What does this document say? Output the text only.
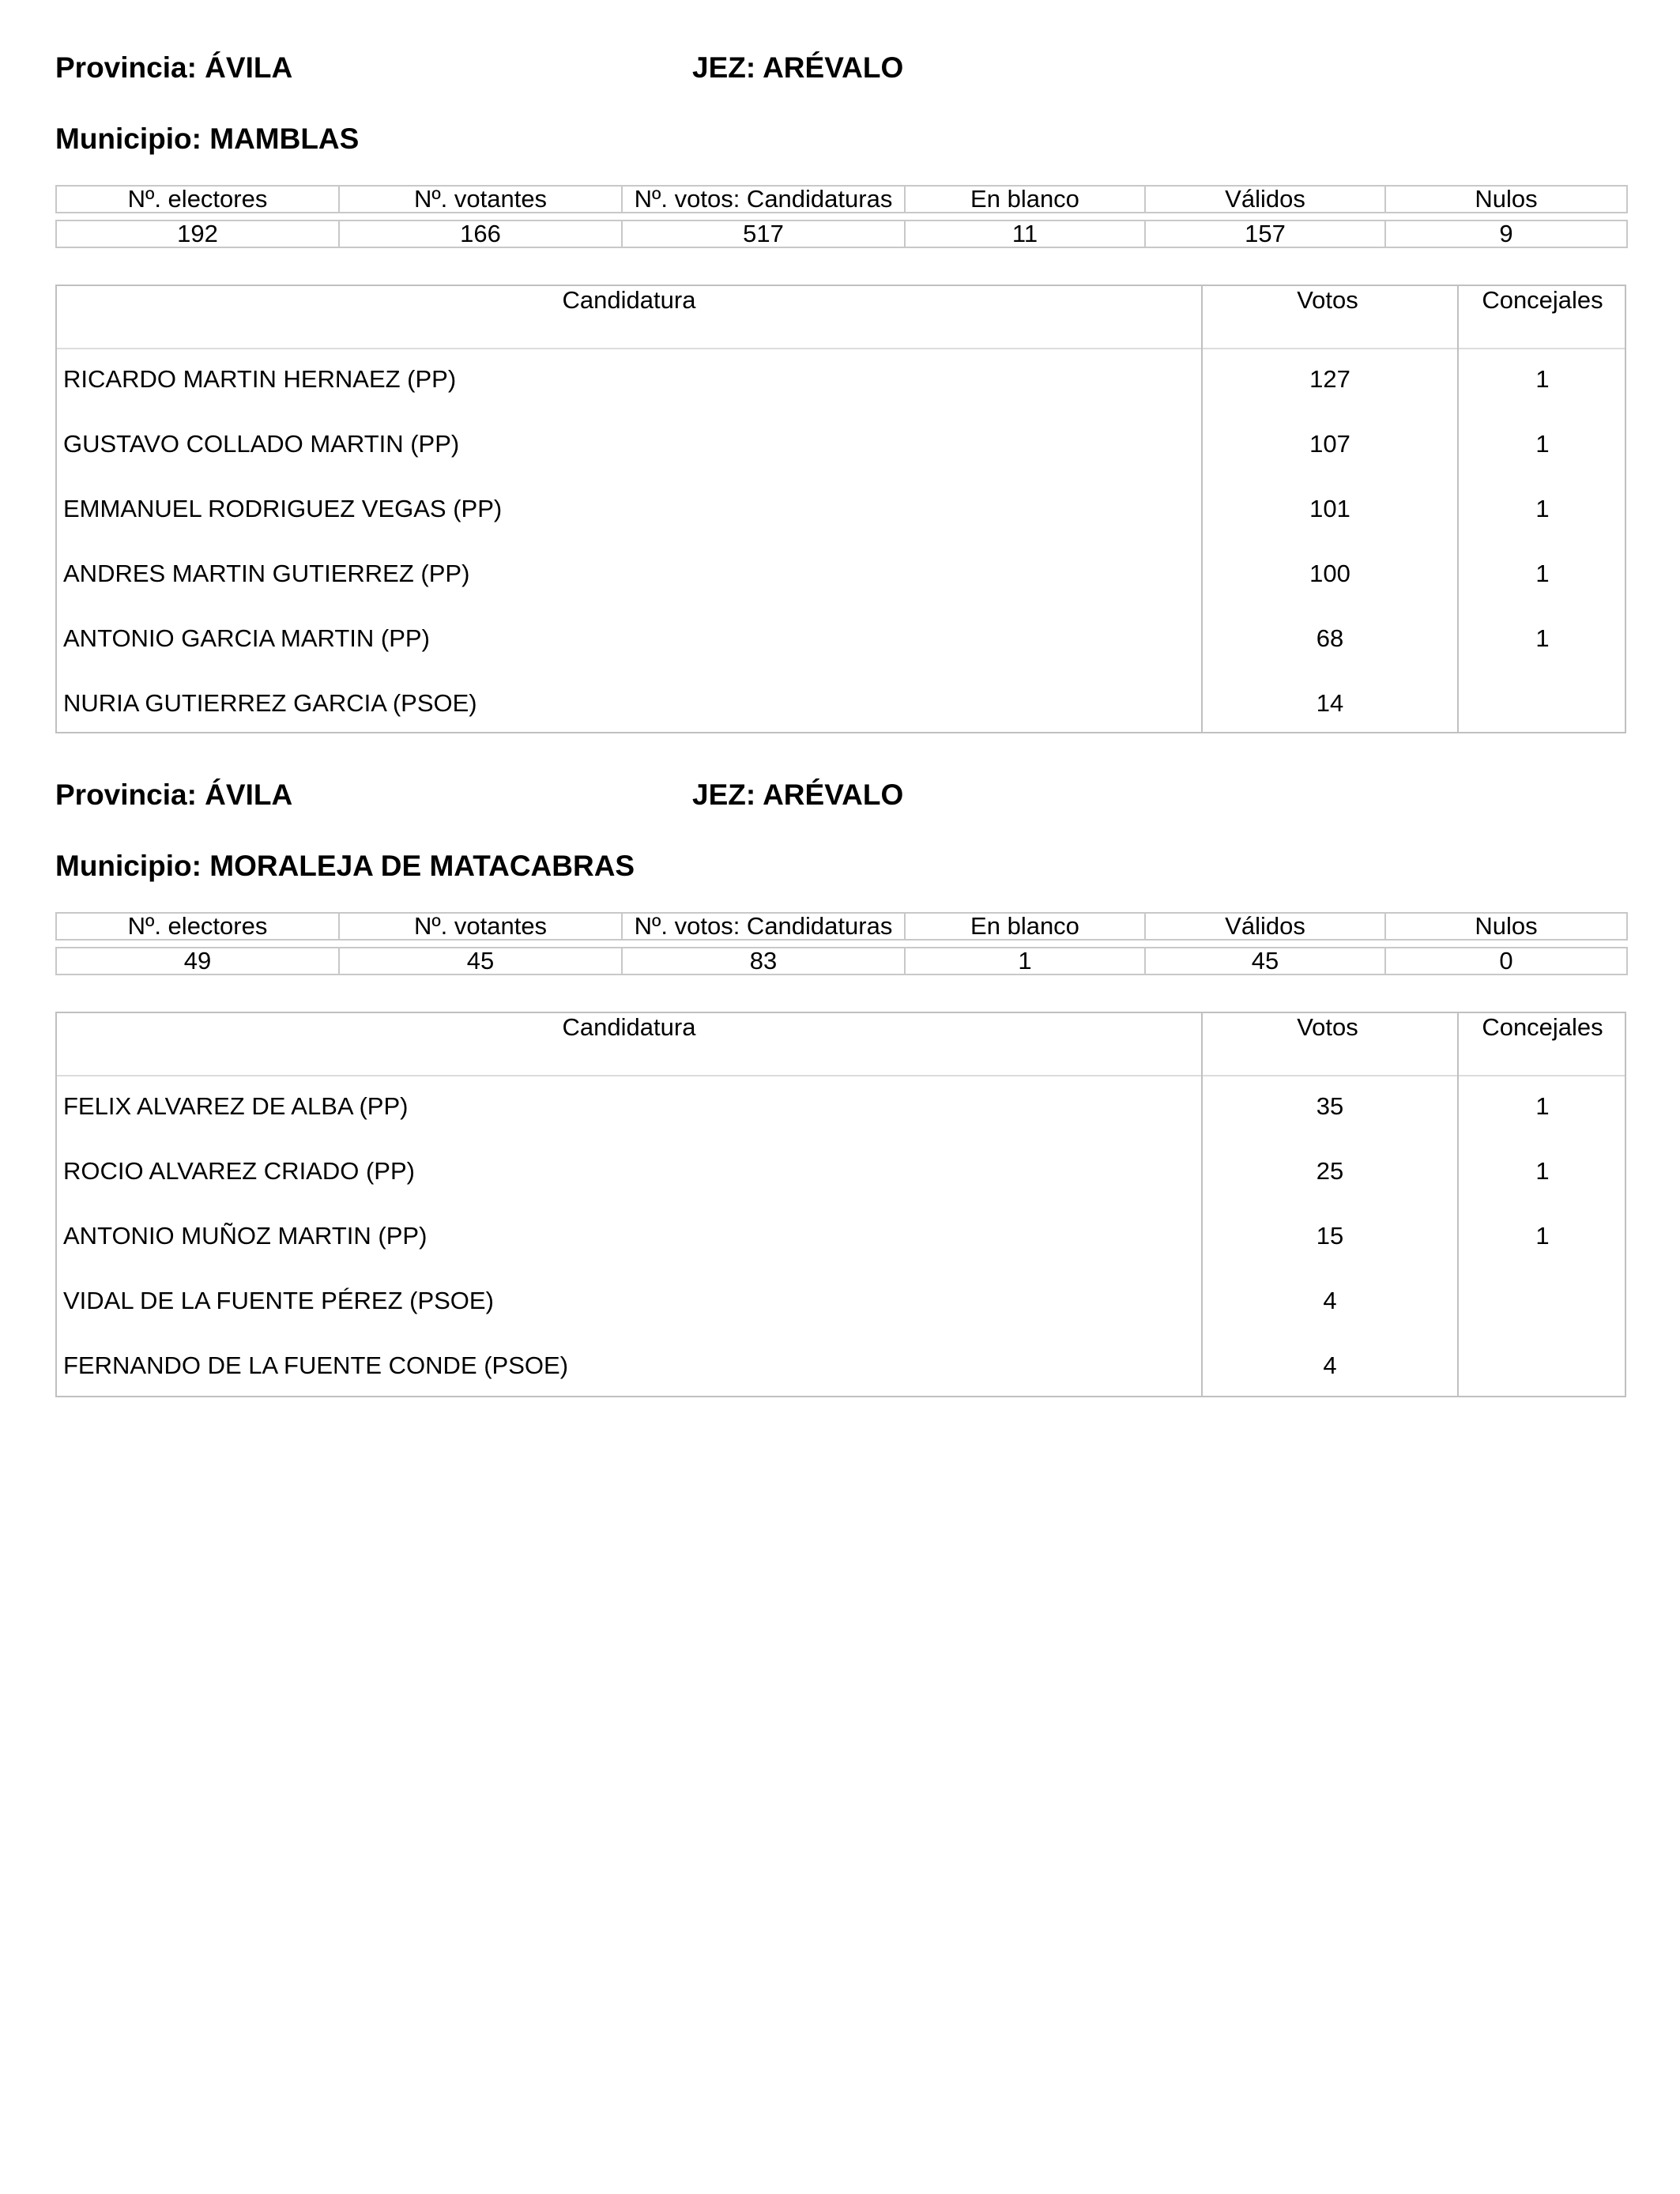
Provincia: ÁVILA	JEZ: ARÉVALO
Municipio: MAMBLAS
Nº. electores	Nº. votantes	Nº. votos: Candidaturas	En blanco	Válidos	Nulos

192	166	517	11	157	9
Candidatura	Votos	Concejales
RICARDO MARTIN HERNAEZ (PP)	127	1
GUSTAVO COLLADO MARTIN (PP)	107	1
EMMANUEL RODRIGUEZ VEGAS (PP)	101	1
ANDRES MARTIN GUTIERREZ (PP)	100	1
ANTONIO GARCIA MARTIN (PP)	68	1
NURIA GUTIERREZ GARCIA (PSOE)	14
Provincia: ÁVILA	JEZ: ARÉVALO
Municipio: MORALEJA DE MATACABRAS
Nº. electores	Nº. votantes	Nº. votos: Candidaturas	En blanco	Válidos	Nulos

49	45	83	1	45	0
Candidatura	Votos	Concejales
FELIX ALVAREZ DE ALBA (PP)	35	1
ROCIO ALVAREZ CRIADO (PP)	25	1
ANTONIO MUÑOZ MARTIN (PP)	15	1
VIDAL DE LA FUENTE PÉREZ (PSOE)	4
FERNANDO DE LA FUENTE CONDE (PSOE)	4
